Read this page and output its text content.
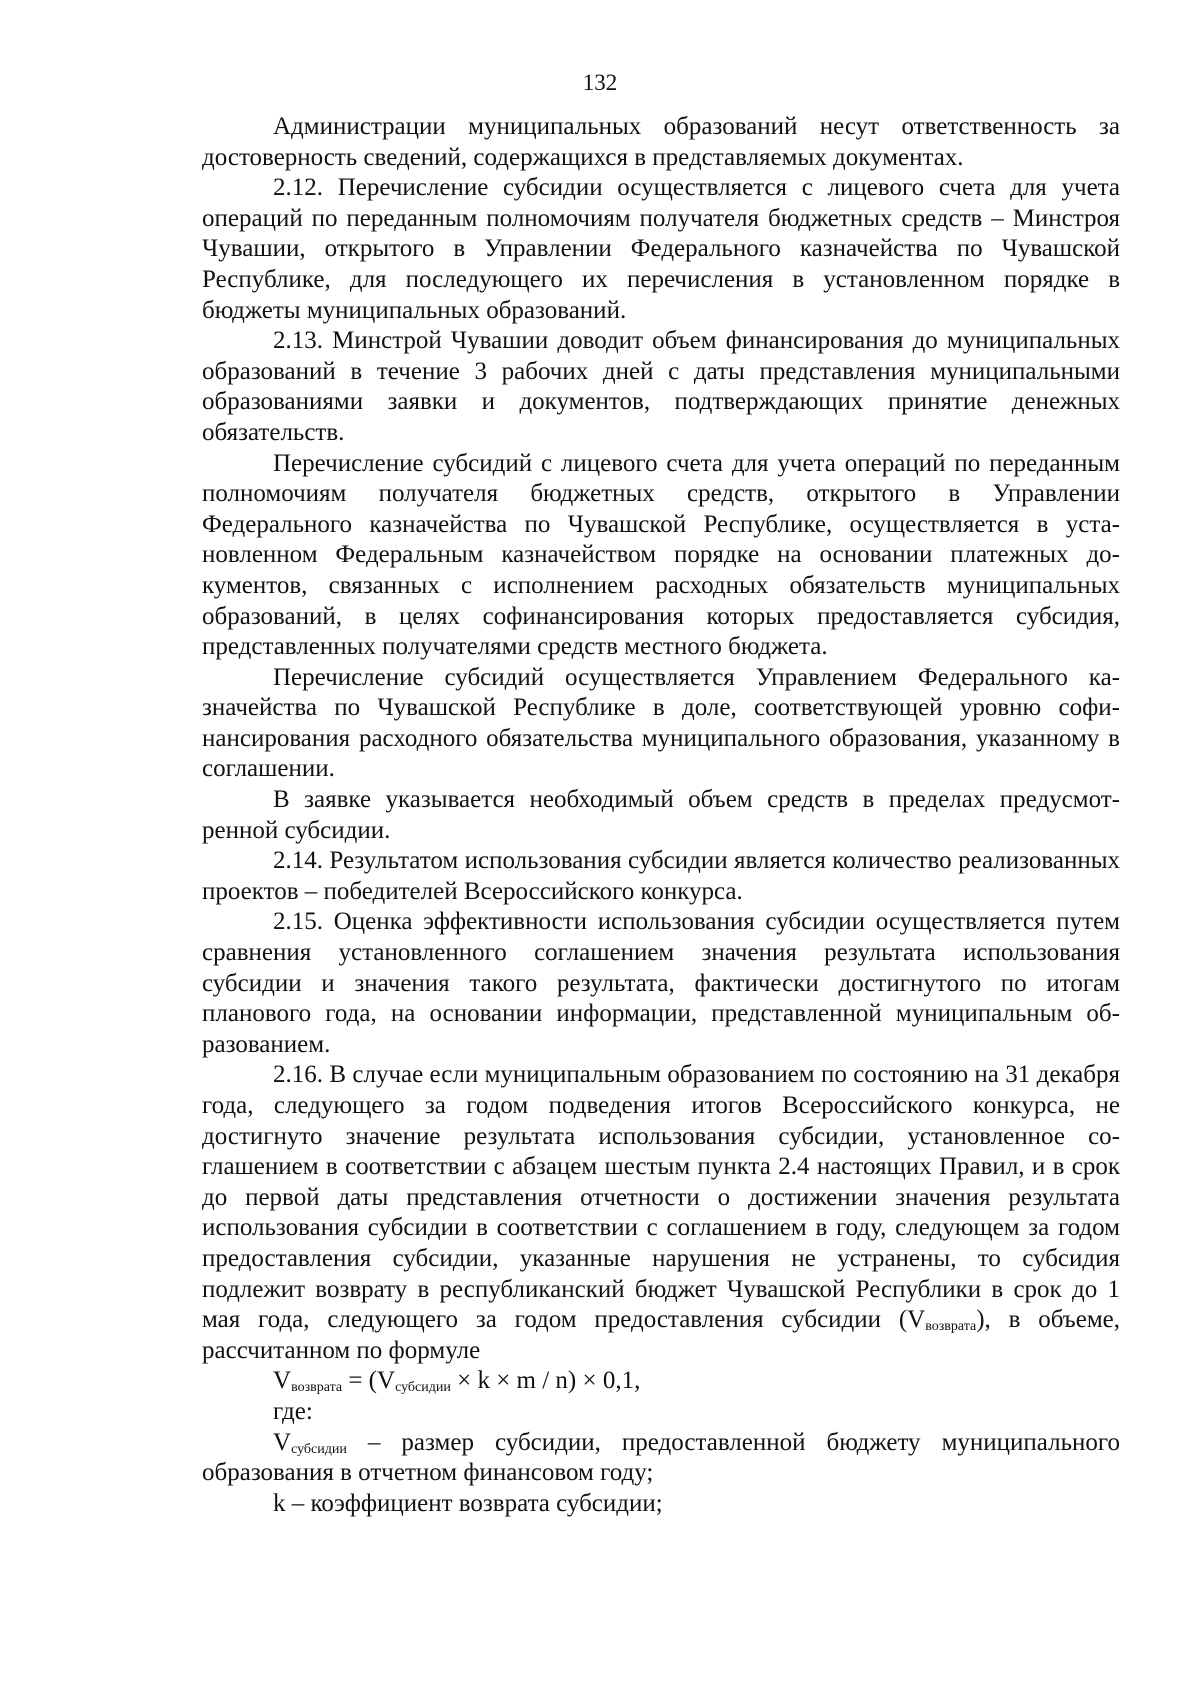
132

Администрации муниципальных образований несут ответственность за достоверность сведений, содержащихся в представляемых документах.

2.12. Перечисление субсидии осуществляется с лицевого счета для учета операций по переданным полномочиям получателя бюджетных средств – Минстроя Чувашии, открытого в Управлении Федерального казначейства по Чувашской Республике, для последующего их перечисления в установленном порядке в бюджеты муниципальных образований.

2.13. Минстрой Чувашии доводит объем финансирования до муниципальных образований в течение 3 рабочих дней с даты представления муниципальными образованиями заявки и документов, подтверждающих принятие денежных обязательств.

Перечисление субсидий с лицевого счета для учета операций по переданным полномочиям получателя бюджетных средств, открытого в Управлении Федерального казначейства по Чувашской Республике, осуществляется в установленном Федеральным казначейством порядке на основании платежных документов, связанных с исполнением расходных обязательств муниципальных образований, в целях софинансирования которых предоставляется субсидия, представленных получателями средств местного бюджета.

Перечисление субсидий осуществляется Управлением Федерального казначейства по Чувашской Республике в доле, соответствующей уровню софинансирования расходного обязательства муниципального образования, указанному в соглашении.

В заявке указывается необходимый объем средств в пределах предусмотренной субсидии.

2.14. Результатом использования субсидии является количество реализованных проектов – победителей Всероссийского конкурса.

2.15. Оценка эффективности использования субсидии осуществляется путем сравнения установленного соглашением значения результата использования субсидии и значения такого результата, фактически достигнутого по итогам планового года, на основании информации, представленной муниципальным образованием.

2.16. В случае если муниципальным образованием по состоянию на 31 декабря года, следующего за годом подведения итогов Всероссийского конкурса, не достигнуто значение результата использования субсидии, установленное соглашением в соответствии с абзацем шестым пункта 2.4 настоящих Правил, и в срок до первой даты представления отчетности о достижении значения результата использования субсидии в соответствии с соглашением в году, следующем за годом предоставления субсидии, указанные нарушения не устранены, то субсидия подлежит возврату в республиканский бюджет Чувашской Республики в срок до 1 мая года, следующего за годом предоставления субсидии $(V_{возврата})$, в объеме, рассчитанном по формуле

$V_{возврата} = (V_{субсидии} \times k \times m / n) \times 0,1$,

где:

$V_{субсидии}$ – размер субсидии, предоставленной бюджету муниципального образования в отчетном финансовом году;

k – коэффициент возврата субсидии;
